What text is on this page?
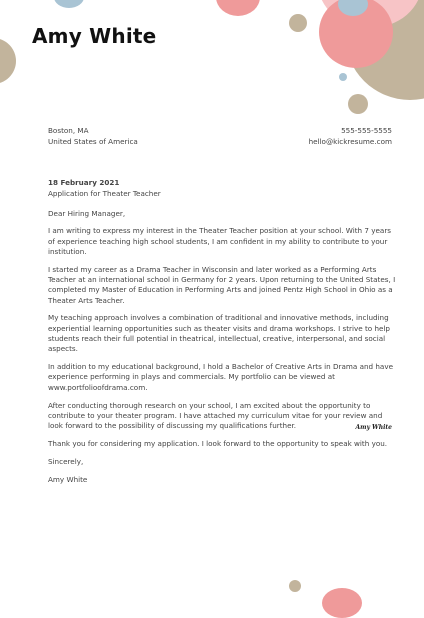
Amy White
Boston, MA
United States of America
555-555-5555
hello@kickresume.com

18 February 2021

Application for Theater Teacher

Dear Hiring Manager,

I am writing to express my interest in the Theater Teacher position at your school. With 7 years of experience teaching high school students, I am confident in my ability to contribute to your institution.

I started my career as a Drama Teacher in Wisconsin and later worked as a Performing Arts Teacher at an international school in Germany for 2 years. Upon returning to the United States, I completed my Master of Education in Performing Arts and joined Pentz High School in Ohio as a Theater Arts Teacher.

My teaching approach involves a combination of traditional and innovative methods, including experiential learning opportunities such as theater visits and drama workshops. I strive to help students reach their full potential in theatrical, intellectual, creative, interpersonal, and social aspects.

In addition to my educational background, I hold a Bachelor of Creative Arts in Drama and have experience performing in plays and commercials. My portfolio can be viewed at www.portfolioofdrama.com.

After conducting thorough research on your school, I am excited about the opportunity to contribute to your theater program. I have attached my curriculum vitae for your review and look forward to the possibility of discussing my qualifications further.

Thank you for considering my application. I look forward to the opportunity to speak with you.

Sincerely,

Amy White

Amy White
